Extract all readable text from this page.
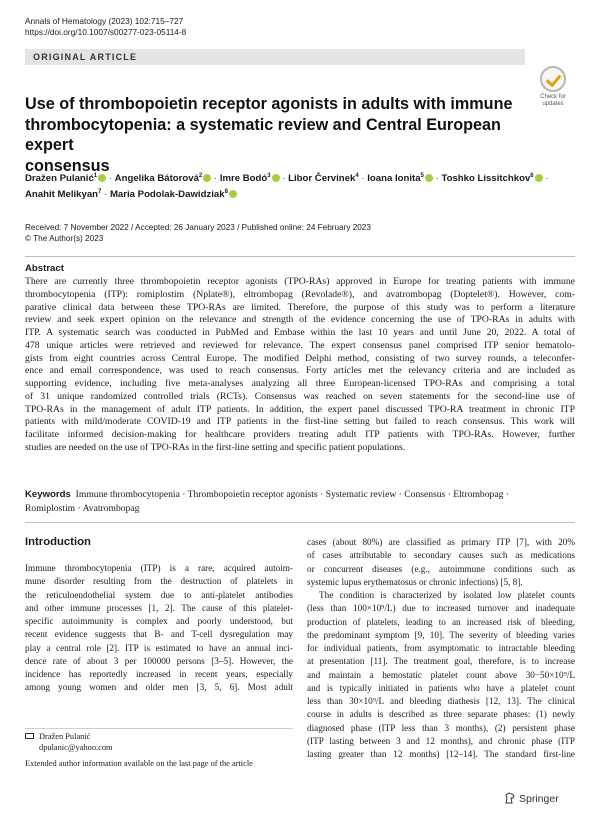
Annals of Hematology (2023) 102:715–727
https://doi.org/10.1007/s00277-023-05114-8
ORIGINAL ARTICLE
Check for
updates
Use of thrombopoietin receptor agonists in adults with immune
thrombocytopenia: a systematic review and Central European expert
consensus
Dražen Pulanić$^1$ · Angelika Bátorová$^2$ · Imre Bodó$^3$ · Libor Červinek$^4$ · Ioana Ionita$^5$ · Toshko Lissitchkov$^6$ ·
Anahit Melikyan$^7$ · Maria Podolak-Dawidziak$^8$
Received: 7 November 2022 / Accepted: 26 January 2023 / Published online: 24 February 2023
© The Author(s) 2023
Abstract
There are currently three thrombopoietin receptor agonists (TPO-RAs) approved in Europe for treating patients with immune
thrombocytopenia (ITP): romiplostim (Nplate®), eltrombopag (Revolade®), and avatrombopag (Doptelet®). However, com-
parative clinical data between these TPO-RAs are limited. Therefore, the purpose of this study was to perform a literature
review and seek expert opinion on the relevance and strength of the evidence concerning the use of TPO-RAs in adults with
ITP. A systematic search was conducted in PubMed and Embase within the last 10 years and until June 20, 2022. A total of
478 unique articles were retrieved and reviewed for relevance. The expert consensus panel comprised ITP senior hematolo-
gists from eight countries across Central Europe. The modified Delphi method, consisting of two survey rounds, a teleconfer-
ence and email correspondence, was used to reach consensus. Forty articles met the relevancy criteria and are included as
supporting evidence, including five meta-analyses analyzing all three European-licensed TPO-RAs and comprising a total
of 31 unique randomized controlled trials (RCTs). Consensus was reached on seven statements for the second-line use of
TPO-RAs in the management of adult ITP patients. In addition, the expert panel discussed TPO-RA treatment in chronic ITP
patients with mild/moderate COVID-19 and ITP patients in the first-line setting but failed to reach consensus. This work will
facilitate informed decision-making for healthcare providers treating adult ITP patients with TPO-RAs. However, further
studies are needed on the use of TPO-RAs in the first-line setting and specific patient populations.
Keywords Immune thrombocytopenia · Thrombopoietin receptor agonists · Systematic review · Consensus · Eltrombopag ·
Romiplostim · Avatrombopag
Introduction
Immune thrombocytopenia (ITP) is a rare, acquired autoim-
mune disorder resulting from the destruction of platelets in
the reticuloendothelial system due to anti-platelet antibodies
and other immune processes [1, 2]. The cause of this platelet-
specific autoimmunity is complex and poorly understood, but
recent evidence suggests that B- and T-cell dysregulation may
play a central role [2]. ITP is estimated to have an annual inci-
dence rate of about 3 per 100000 persons [3–5]. However, the
incidence has reportedly increased in recent years, especially
among young women and older men [3, 5, 6]. Most adult
cases (about 80%) are classified as primary ITP [7], with 20%
of cases attributable to secondary causes such as medications
or concurrent diseases (e.g., autoimmune conditions such as
systemic lupus erythematosus or chronic infections) [5, 8].
The condition is characterized by isolated low platelet counts
(less than 100×10⁹/L) due to increased turnover and inadequate
production of platelets, leading to an increased risk of bleeding,
the predominant symptom [9, 10]. The severity of bleeding varies
for individual patients, from asymptomatic to intractable bleeding
at presentation [11]. The treatment goal, therefore, is to increase
and maintain a hemostatic platelet count above 30−50×10⁹/L
and is typically initiated in patients who have a platelet count
less than 30×10⁹/L and bleeding diathesis [12, 13]. The clinical
course in adults is described as three separate phases: (1) newly
diagnosed phase (ITP less than 3 months), (2) persistent phase
(ITP lasting between 3 and 12 months), and chronic phase (ITP
lasting greater than 12 months) [12–14]. The standard first-line
Dražen Pulanić
dpulanic@yahoo.com
Extended author information available on the last page of the article
Springer
